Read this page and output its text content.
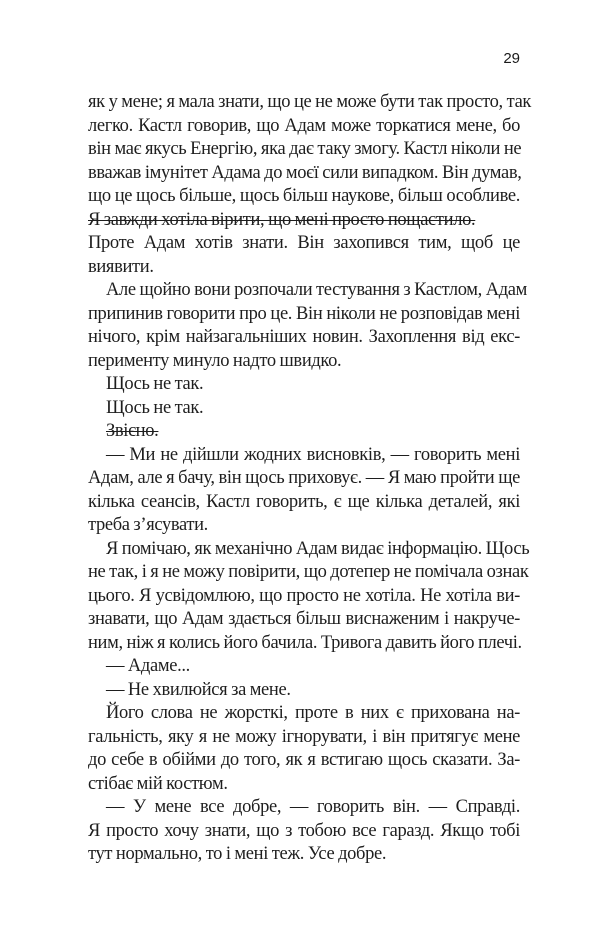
29
як у мене; я мала знати, що це не може бути так просто, так
легко. Кастл говорив, що Адам може торкатися мене, бо
він має якусь Енергію, яка дає таку змогу. Кастл ніколи не
вважав імунітет Адама до моєї сили випадком. Він думав,
що це щось більше, щось більш наукове, більш особливе.
Я завжди хотіла вірити, що мені просто пощастило.
Проте Адам хотів знати. Він захопився тим, щоб це
виявити.
Але щойно вони розпочали тестування з Кастлом, Адам
припинив говорити про це. Він ніколи не розповідав мені
нічого, крім найзагальніших новин. Захоплення від екс-
перименту минуло надто швидко.
Щось не так.
Щось не так.
Звієно.
— Ми не дійшли жодних висновків, — говорить мені
Адам, але я бачу, він щось приховує. — Я маю пройти ще
кілька сеансів, Кастл говорить, є ще кілька деталей, які
треба з’ясувати.
Я помічаю, як механічно Адам видає інформацію. Щось
не так, і я не можу повірити, що дотепер не помічала ознак
цього. Я усвідомлюю, що просто не хотіла. Не хотіла ви-
знавати, що Адам здається більш виснаженим і накруче-
ним, ніж я колись його бачила. Тривога давить його плечі.
— Адаме...
— Не хвилюйся за мене.
Його слова не жорсткі, проте в них є прихована на-
гальність, яку я не можу ігнорувати, і він притягує мене
до себе в обійми до того, як я встигаю щось сказати. За-
стібає мій костюм.
— У мене все добре, — говорить він. — Справді.
Я просто хочу знати, що з тобою все гаразд. Якщо тобі
тут нормально, то і мені теж. Усе добре.
